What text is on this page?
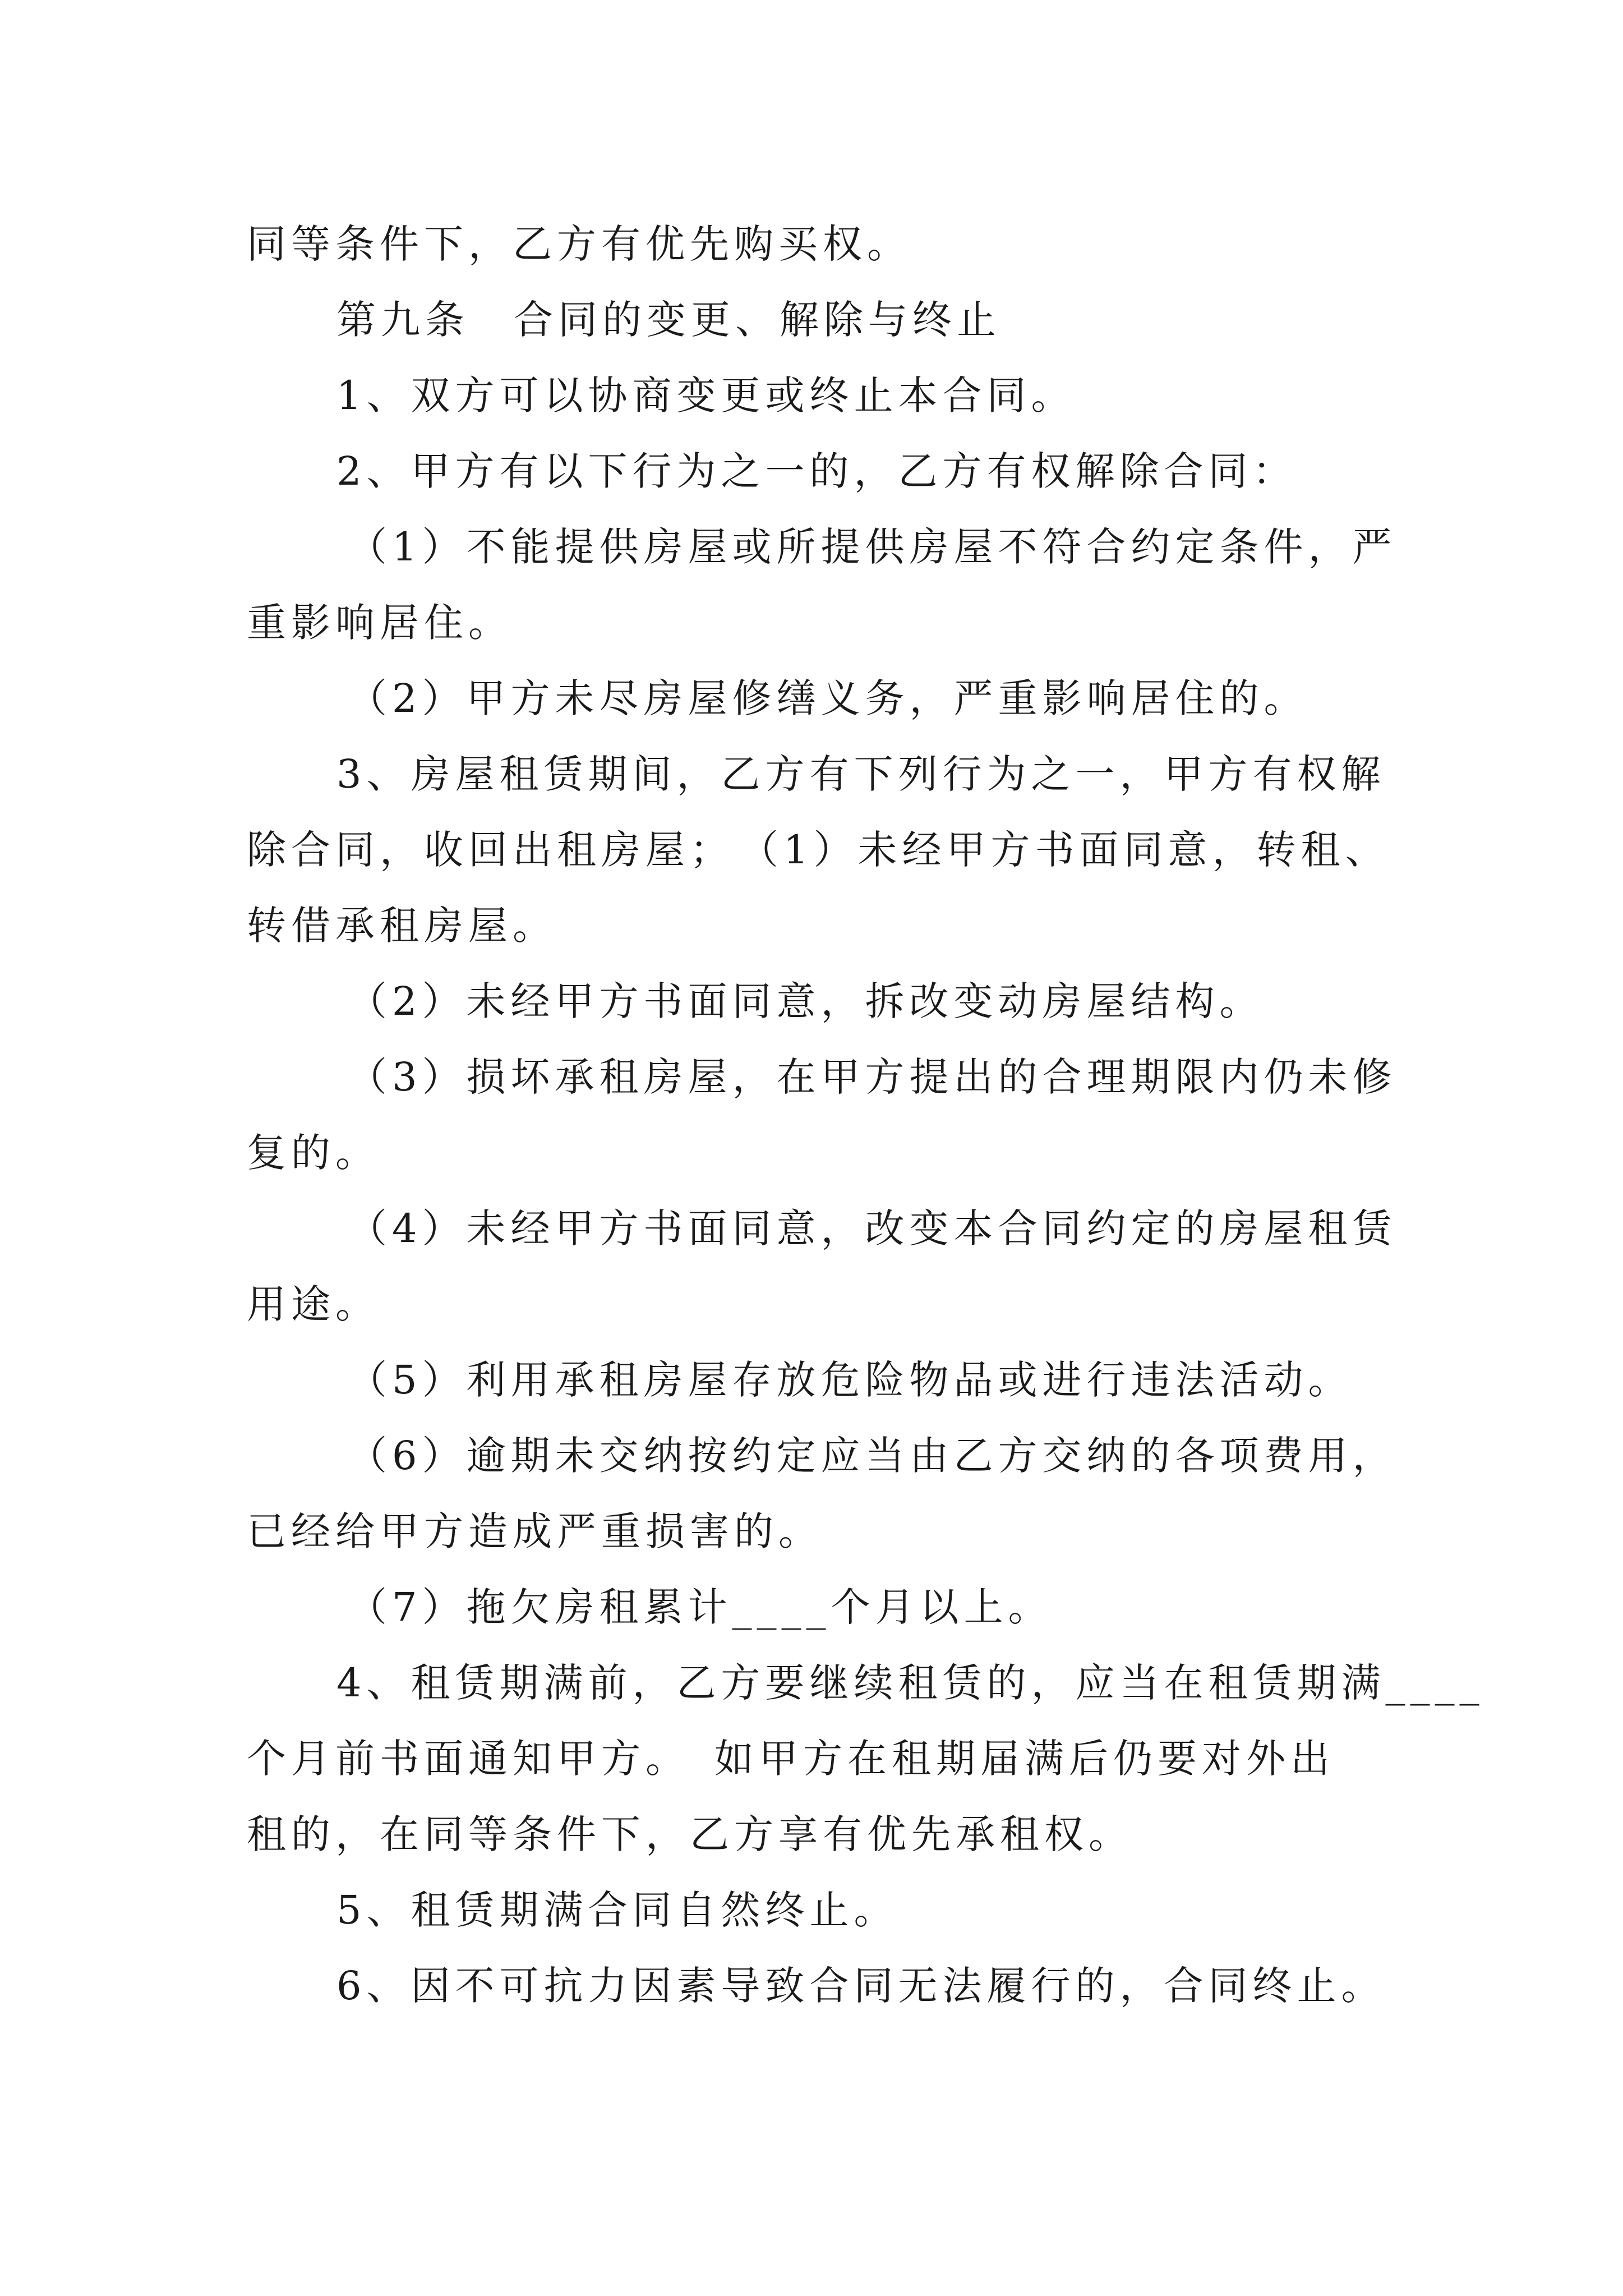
同等条件下，乙方有优先购买权。
第九条　合同的变更、解除与终止
1、双方可以协商变更或终止本合同。
2、甲方有以下行为之一的，乙方有权解除合同：
（1）不能提供房屋或所提供房屋不符合约定条件，严
重影响居住。
（2）甲方未尽房屋修缮义务，严重影响居住的。
3、房屋租赁期间，乙方有下列行为之一，甲方有权解
除合同，收回出租房屋；　（1）未经甲方书面同意，转租、
转借承租房屋。
（2）未经甲方书面同意，拆改变动房屋结构。
（3）损坏承租房屋，在甲方提出的合理期限内仍未修
复的。
（4）未经甲方书面同意，改变本合同约定的房屋租赁
用途。
（5）利用承租房屋存放危险物品或进行违法活动。
（6）逾期未交纳按约定应当由乙方交纳的各项费用，
已经给甲方造成严重损害的。
（7）拖欠房租累计____个月以上。
4、租赁期满前，乙方要继续租赁的，应当在租赁期满____
个月前书面通知甲方。　如甲方在租期届满后仍要对外出
租的，在同等条件下，乙方享有优先承租权。
5、租赁期满合同自然终止。
6、因不可抗力因素导致合同无法履行的，合同终止。
